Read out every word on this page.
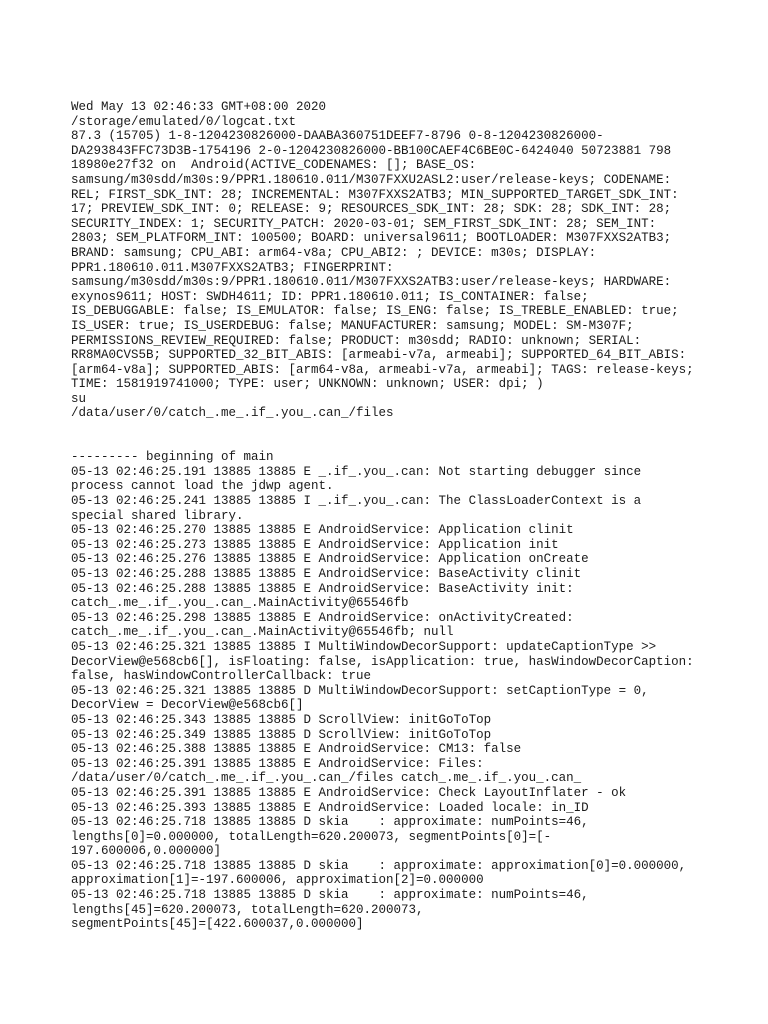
Wed May 13 02:46:33 GMT+08:00 2020
/storage/emulated/0/logcat.txt
87.3 (15705) 1-8-1204230826000-DAABA360751DEEF7-8796 0-8-1204230826000-
DA293843FFC73D3B-1754196 2-0-1204230826000-BB100CAEF4C6BE0C-6424040 50723881 798
18980e27f32 on  Android(ACTIVE_CODENAMES: []; BASE_OS:
samsung/m30sdd/m30s:9/PPR1.180610.011/M307FXXU2ASL2:user/release-keys; CODENAME:
REL; FIRST_SDK_INT: 28; INCREMENTAL: M307FXXS2ATB3; MIN_SUPPORTED_TARGET_SDK_INT:
17; PREVIEW_SDK_INT: 0; RELEASE: 9; RESOURCES_SDK_INT: 28; SDK: 28; SDK_INT: 28;
SECURITY_INDEX: 1; SECURITY_PATCH: 2020-03-01; SEM_FIRST_SDK_INT: 28; SEM_INT:
2803; SEM_PLATFORM_INT: 100500; BOARD: universal9611; BOOTLOADER: M307FXXS2ATB3;
BRAND: samsung; CPU_ABI: arm64-v8a; CPU_ABI2: ; DEVICE: m30s; DISPLAY:
PPR1.180610.011.M307FXXS2ATB3; FINGERPRINT:
samsung/m30sdd/m30s:9/PPR1.180610.011/M307FXXS2ATB3:user/release-keys; HARDWARE:
exynos9611; HOST: SWDH4611; ID: PPR1.180610.011; IS_CONTAINER: false;
IS_DEBUGGABLE: false; IS_EMULATOR: false; IS_ENG: false; IS_TREBLE_ENABLED: true;
IS_USER: true; IS_USERDEBUG: false; MANUFACTURER: samsung; MODEL: SM-M307F;
PERMISSIONS_REVIEW_REQUIRED: false; PRODUCT: m30sdd; RADIO: unknown; SERIAL:
RR8MA0CVS5B; SUPPORTED_32_BIT_ABIS: [armeabi-v7a, armeabi]; SUPPORTED_64_BIT_ABIS:
[arm64-v8a]; SUPPORTED_ABIS: [arm64-v8a, armeabi-v7a, armeabi]; TAGS: release-keys;
TIME: 1581919741000; TYPE: user; UNKNOWN: unknown; USER: dpi; )
su
/data/user/0/catch_.me_.if_.you_.can_/files
--------- beginning of main
05-13 02:46:25.191 13885 13885 E _.if_.you_.can: Not starting debugger since
process cannot load the jdwp agent.
05-13 02:46:25.241 13885 13885 I _.if_.you_.can: The ClassLoaderContext is a
special shared library.
05-13 02:46:25.270 13885 13885 E AndroidService: Application clinit
05-13 02:46:25.273 13885 13885 E AndroidService: Application init
05-13 02:46:25.276 13885 13885 E AndroidService: Application onCreate
05-13 02:46:25.288 13885 13885 E AndroidService: BaseActivity clinit
05-13 02:46:25.288 13885 13885 E AndroidService: BaseActivity init:
catch_.me_.if_.you_.can_.MainActivity@65546fb
05-13 02:46:25.298 13885 13885 E AndroidService: onActivityCreated:
catch_.me_.if_.you_.can_.MainActivity@65546fb; null
05-13 02:46:25.321 13885 13885 I MultiWindowDecorSupport: updateCaptionType >>
DecorView@e568cb6[], isFloating: false, isApplication: true, hasWindowDecorCaption:
false, hasWindowControllerCallback: true
05-13 02:46:25.321 13885 13885 D MultiWindowDecorSupport: setCaptionType = 0,
DecorView = DecorView@e568cb6[]
05-13 02:46:25.343 13885 13885 D ScrollView: initGoToTop
05-13 02:46:25.349 13885 13885 D ScrollView: initGoToTop
05-13 02:46:25.388 13885 13885 E AndroidService: CM13: false
05-13 02:46:25.391 13885 13885 E AndroidService: Files:
/data/user/0/catch_.me_.if_.you_.can_/files catch_.me_.if_.you_.can_
05-13 02:46:25.391 13885 13885 E AndroidService: Check LayoutInflater - ok
05-13 02:46:25.393 13885 13885 E AndroidService: Loaded locale: in_ID
05-13 02:46:25.718 13885 13885 D skia    : approximate: numPoints=46,
lengths[0]=0.000000, totalLength=620.200073, segmentPoints[0]=[-
197.600006,0.000000]
05-13 02:46:25.718 13885 13885 D skia    : approximate: approximation[0]=0.000000,
approximation[1]=-197.600006, approximation[2]=0.000000
05-13 02:46:25.718 13885 13885 D skia    : approximate: numPoints=46,
lengths[45]=620.200073, totalLength=620.200073,
segmentPoints[45]=[422.600037,0.000000]
